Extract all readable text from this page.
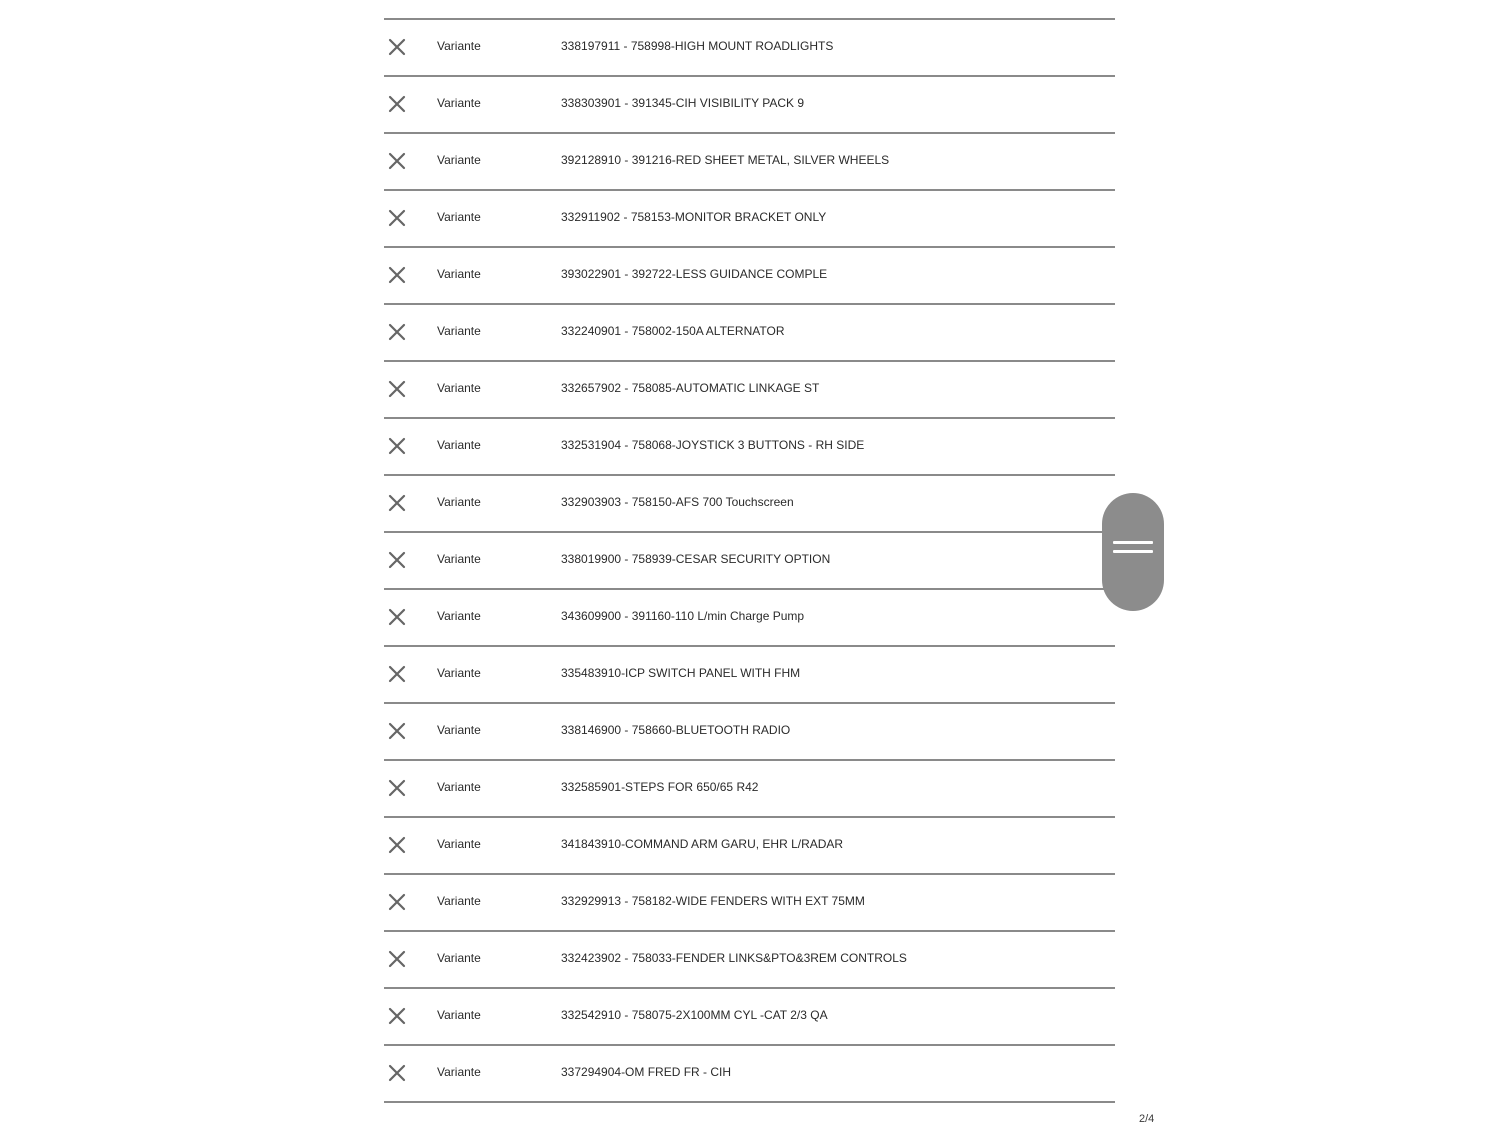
Variante	338197911 - 758998-HIGH MOUNT ROADLIGHTS
Variante	338303901 - 391345-CIH VISIBILITY PACK 9
Variante	392128910 - 391216-RED SHEET METAL, SILVER WHEELS
Variante	332911902 - 758153-MONITOR BRACKET ONLY
Variante	393022901 - 392722-LESS GUIDANCE COMPLE
Variante	332240901 - 758002-150A ALTERNATOR
Variante	332657902 - 758085-AUTOMATIC LINKAGE ST
Variante	332531904 - 758068-JOYSTICK 3 BUTTONS - RH SIDE
Variante	332903903 - 758150-AFS 700 Touchscreen
Variante	338019900 - 758939-CESAR SECURITY OPTION
Variante	343609900 - 391160-110 L/min Charge Pump
Variante	335483910-ICP SWITCH PANEL WITH FHM
Variante	338146900 - 758660-BLUETOOTH RADIO
Variante	332585901-STEPS FOR 650/65 R42
Variante	341843910-COMMAND ARM GARU, EHR L/RADAR
Variante	332929913 - 758182-WIDE FENDERS WITH EXT 75MM
Variante	332423902 - 758033-FENDER LINKS&PTO&3REM CONTROLS
Variante	332542910 - 758075-2X100MM CYL -CAT 2/3 QA
Variante	337294904-OM FRED FR - CIH
2/4
